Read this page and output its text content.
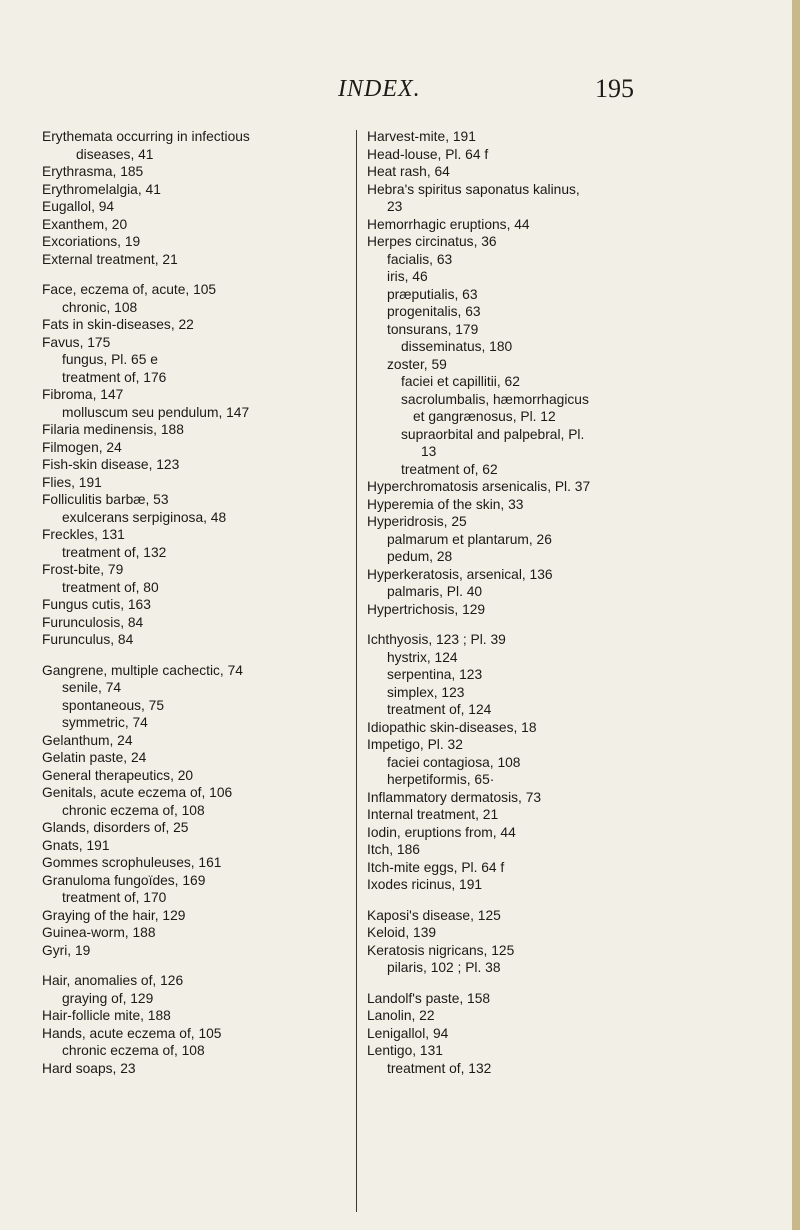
INDEX.	195
Erythemata occurring in infectious
diseases, 41
Erythrasma, 185
Erythromelalgia, 41
Eugallol, 94
Exanthem, 20
Excoriations, 19
External treatment, 21
Face, eczema of, acute, 105
chronic, 108
Fats in skin-diseases, 22
Favus, 175
fungus, Pl. 65 e
treatment of, 176
Fibroma, 147
molluscum seu pendulum, 147
Filaria medinensis, 188
Filmogen, 24
Fish-skin disease, 123
Flies, 191
Folliculitis barbæ, 53
exulcerans serpiginosa, 48
Freckles, 131
treatment of, 132
Frost-bite, 79
treatment of, 80
Fungus cutis, 163
Furunculosis, 84
Furunculus, 84
Gangrene, multiple cachectic, 74
senile, 74
spontaneous, 75
symmetric, 74
Gelanthum, 24
Gelatin paste, 24
General therapeutics, 20
Genitals, acute eczema of, 106
chronic eczema of, 108
Glands, disorders of, 25
Gnats, 191
Gommes scrophuleuses, 161
Granuloma fungoïdes, 169
treatment of, 170
Graying of the hair, 129
Guinea-worm, 188
Gyri, 19
Hair, anomalies of, 126
graying of, 129
Hair-follicle mite, 188
Hands, acute eczema of, 105
chronic eczema of, 108
Hard soaps, 23
Harvest-mite, 191
Head-louse, Pl. 64 f
Heat rash, 64
Hebra's spiritus saponatus kalinus,
23
Hemorrhagic eruptions, 44
Herpes circinatus, 36
facialis, 63
iris, 46
præputialis, 63
progenitalis, 63
tonsurans, 179
disseminatus, 180
zoster, 59
faciei et capillitii, 62
sacrolumbalis, hæmorrhagicus
et gangrænosus, Pl. 12
supraorbital and palpebral, Pl.
13
treatment of, 62
Hyperchromatosis arsenicalis, Pl. 37
Hyperemia of the skin, 33
Hyperidrosis, 25
palmarum et plantarum, 26
pedum, 28
Hyperkeratosis, arsenical, 136
palmaris, Pl. 40
Hypertrichosis, 129
Ichthyosis, 123 ; Pl. 39
hystrix, 124
serpentina, 123
simplex, 123
treatment of, 124
Idiopathic skin-diseases, 18
Impetigo, Pl. 32
faciei contagiosa, 108
herpetiformis, 65·
Inflammatory dermatosis, 73
Internal treatment, 21
Iodin, eruptions from, 44
Itch, 186
Itch-mite eggs, Pl. 64 f
Ixodes ricinus, 191
Kaposi's disease, 125
Keloid, 139
Keratosis nigricans, 125
pilaris, 102 ; Pl. 38
Landolf's paste, 158
Lanolin, 22
Lenigallol, 94
Lentigo, 131
treatment of, 132
